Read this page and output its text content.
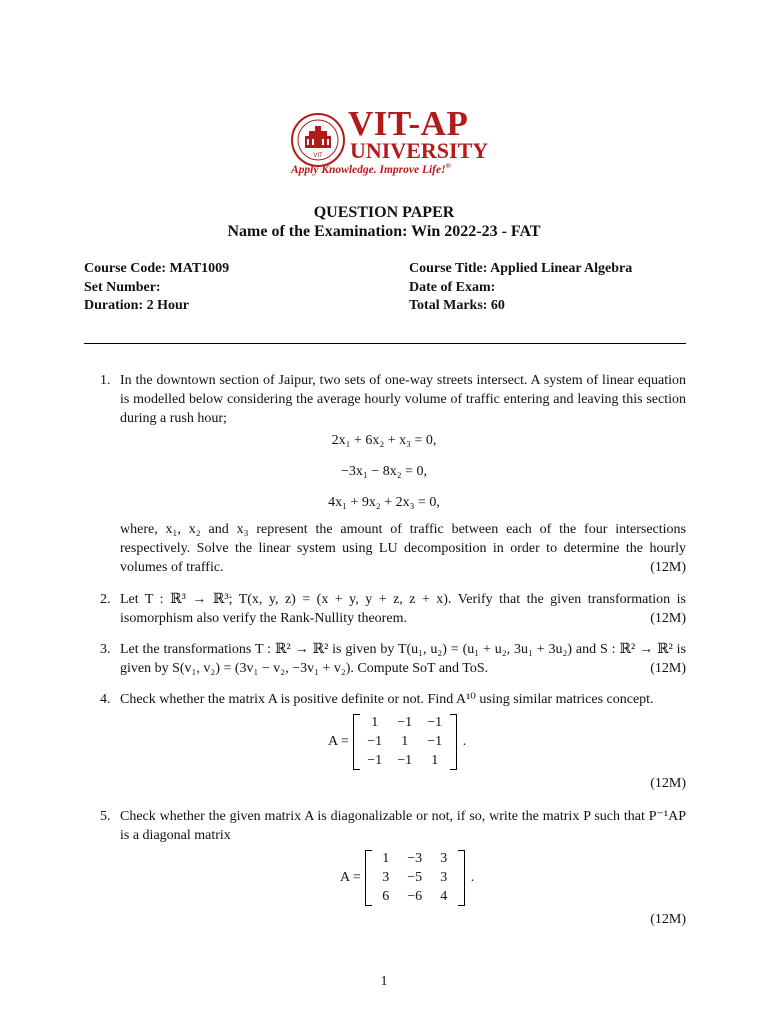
VIT
VIT-AP
UNIVERSITY
Apply Knowledge. Improve Life!®
QUESTION PAPER
Name of the Examination: Win 2022-23 - FAT
Course Code: MAT1009
Set Number:
Duration: 2 Hour
Course Title: Applied Linear Algebra
Date of Exam:
Total Marks: 60
1. In the downtown section of Jaipur, two sets of one-way streets intersect. A system of linear equation is modelled below considering the average hourly volume of traffic entering and leaving this section during a rush hour;
2x₁ + 6x₂ + x₃ = 0,
−3x₁ − 8x₂ = 0,
4x₁ + 9x₂ + 2x₃ = 0,
where, x₁, x₂ and x₃ represent the amount of traffic between each of the four intersections respectively. Solve the linear system using LU decomposition in order to determine the hourly volumes of traffic.	(12M)
2. Let T : ℝ³ → ℝ³; T(x, y, z) = (x + y, y + z, z + x). Verify that the given transformation is isomorphism also verify the Rank-Nullity theorem.	(12M)
3. Let the transformations T : ℝ² → ℝ² is given by T(u₁, u₂) = (u₁ + u₂, 3u₁ + 3u₂) and S : ℝ² → ℝ² is given by S(v₁, v₂) = (3v₁ − v₂, −3v₁ + v₂). Compute SoT and ToS.	(12M)
4. Check whether the matrix A is positive definite or not. Find A¹⁰ using similar matrices concept.
A =
1	−1 −1
−1	1	−1
−1 −1	1
.
(12M)
5. Check whether the given matrix A is diagonalizable or not, if so, write the matrix P such that P⁻¹AP is a diagonal matrix
A =
1	−3	3
3	−5	3
6	−6	4
.
(12M)
1
